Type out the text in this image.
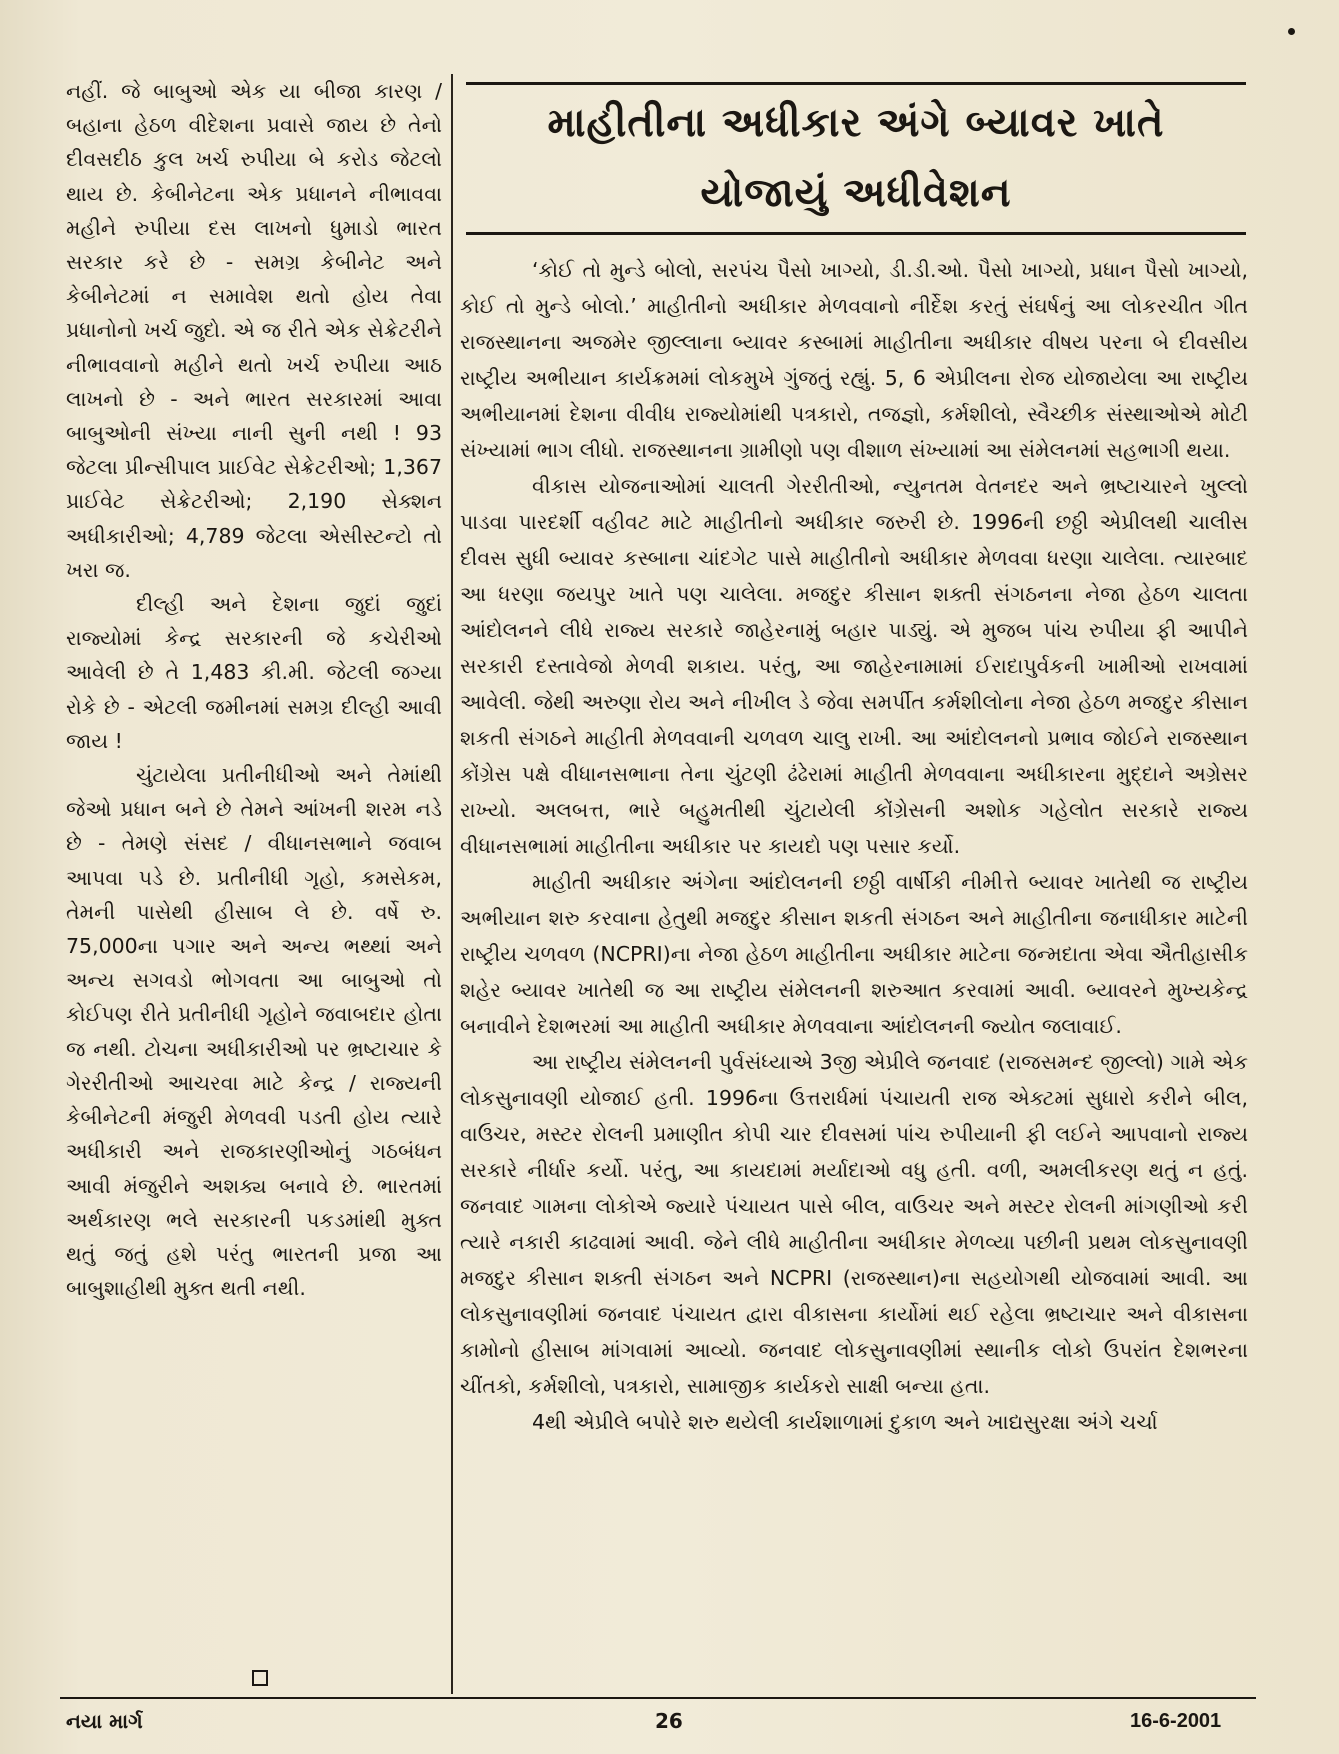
નહીં. જે બાબુઓ એક યા બીજા કારણ / બહાના હેઠળ વીદેશના પ્રવાસે જાય છે તેનો દીવસદીઠ કુલ ખર્ચ રુપીયા બે કરોડ જેટલો થાય છે. કેબીનેટના એક પ્રધાનને નીભાવવા મહીને રુપીયા દસ લાખનો ધુમાડો ભારત સરકાર કરે છે - સમગ્ર કેબીનેટ અને કેબીનેટમાં ન સમાવેશ થતો હોય તેવા પ્રધાનોનો ખર્ચ જુદો. એ જ રીતે એક સેક્રેટરીને નીભાવવાનો મહીને થતો ખર્ચ રુપીયા આઠ લાખનો છે - અને ભારત સરકારમાં આવા બાબુઓની સંખ્યા નાની સુની નથી ! 93 જેટલા પ્રીન્સીપાલ પ્રાઈવેટ સેક્રેટરીઓ; 1,367 પ્રાઈવેટ સેક્રેટરીઓ; 2,190 સેક્શન અધીકારીઓ; 4,789 જેટલા એસીસ્ટન્ટો તો ખરા જ.

દીલ્હી અને દેશના જુદાં જુદાં રાજ્યોમાં કેન્દ્ર સરકારની જે કચેરીઓ આવેલી છે તે 1,483 કી.મી. જેટલી જગ્યા રોકે છે - એટલી જમીનમાં સમગ્ર દીલ્હી આવી જાય !

ચુંટાયેલા પ્રતીનીધીઓ અને તેમાંથી જેઓ પ્રધાન બને છે તેમને આંખની શરમ નડે છે - તેમણે સંસદ / વીધાનસભાને જવાબ આપવા પડે છે. પ્રતીનીધી ગૃહો, કમસેકમ, તેમની પાસેથી હીસાબ લે છે. વર્ષે રુ. 75,000ના પગાર અને અન્ય ભથ્થાં અને અન્ય સગવડો ભોગવતા આ બાબુઓ તો કોઈપણ રીતે પ્રતીનીધી ગૃહોને જવાબદાર હોતા જ નથી. ટોચના અધીકારીઓ પર ભ્રષ્ટાચાર કે ગેરરીતીઓ આચરવા માટે કેન્દ્ર / રાજ્યની કેબીનેટની મંજુરી મેળવવી પડતી હોય ત્યારે અધીકારી અને રાજકારણીઓનું ગઠબંધન આવી મંજુરીને અશક્ય બનાવે છે. ભારતમાં અર્થકારણ ભલે સરકારની પકડમાંથી મુક્ત થતું જતું હશે પરંતુ ભારતની પ્રજા આ બાબુશાહીથી મુક્ત થતી નથી.

માહીતીના અધીકાર અંગે બ્યાવર ખાતે
યોજાયું અધીવેશન

‘કોઈ તો મુન્ડે બોલો, સરપંચ પૈસો ખાગ્યો, ડી.ડી.ઓ. પૈસો ખાગ્યો, પ્રધાન પૈસો ખાગ્યો, કોઈ તો મુન્ડે બોલો.’ માહીતીનો અધીકાર મેળવવાનો નીર્દેશ કરતું સંઘર્ષનું આ લોકરચીત ગીત રાજસ્થાનના અજમેર જીલ્લાના બ્યાવર કસ્બામાં માહીતીના અધીકાર વીષય પરના બે દીવસીય રાષ્ટ્રીય અભીયાન કાર્યક્રમમાં લોકમુખે ગુંજતું રહ્યું. 5, 6 એપ્રીલના રોજ યોજાયેલા આ રાષ્ટ્રીય અભીયાનમાં દેશના વીવીધ રાજ્યોમાંથી પત્રકારો, તજજ્ઞો, કર્મશીલો, સ્વૈચ્છીક સંસ્થાઓએ મોટી સંખ્યામાં ભાગ લીધો. રાજસ્થાનના ગ્રામીણો પણ વીશાળ સંખ્યામાં આ સંમેલનમાં સહભાગી થયા.

વીકાસ યોજનાઓમાં ચાલતી ગેરરીતીઓ, ન્યુનતમ વેતનદર અને ભ્રષ્ટાચારને ખુલ્લો પાડવા પારદર્શી વહીવટ માટે માહીતીનો અધીકાર જરુરી છે. 1996ની છઠ્ઠી એપ્રીલથી ચાલીસ દીવસ સુધી બ્યાવર કસ્બાના ચાંદગેટ પાસે માહીતીનો અધીકાર મેળવવા ધરણા ચાલેલા. ત્યારબાદ આ ધરણા જયપુર ખાતે પણ ચાલેલા. મજદુર કીસાન શક્તી સંગઠનના નેજા હેઠળ ચાલતા આંદોલનને લીધે રાજ્ય સરકારે જાહેરનામું બહાર પાડ્યું. એ મુજબ પાંચ રુપીયા ફી આપીને સરકારી દસ્તાવેજો મેળવી શકાય. પરંતુ, આ જાહેરનામામાં ઈરાદાપુર્વકની ખામીઓ રાખવામાં આવેલી. જેથી અરુણા રોય અને નીખીલ ડે જેવા સમર્પીત કર્મશીલોના નેજા હેઠળ મજદુર કીસાન શકતી સંગઠને માહીતી મેળવવાની ચળવળ ચાલુ રાખી. આ આંદોલનનો પ્રભાવ જોઈને રાજસ્થાન કોંગ્રેસ પક્ષે વીધાનસભાના તેના ચુંટણી ઢંઢેરામાં માહીતી મેળવવાના અધીકારના મુદ્દાને અગ્રેસર રાખ્યો. અલબત્ત, ભારે બહુમતીથી ચુંટાયેલી કોંગ્રેસની અશોક ગહેલોત સરકારે રાજ્ય વીધાનસભામાં માહીતીના અધીકાર પર કાયદો પણ પસાર કર્યો.

માહીતી અધીકાર અંગેના આંદોલનની છઠ્ઠી વાર્ષીકી નીમીત્તે બ્યાવર ખાતેથી જ રાષ્ટ્રીય અભીયાન શરુ કરવાના હેતુથી મજદુર કીસાન શકતી સંગઠન અને માહીતીના જનાધીકાર માટેની રાષ્ટ્રીય ચળવળ (NCPRI)ના નેજા હેઠળ માહીતીના અધીકાર માટેના જન્મદાતા એવા ઐતીહાસીક શહેર બ્યાવર ખાતેથી જ આ રાષ્ટ્રીય સંમેલનની શરુઆત કરવામાં આવી. બ્યાવરને મુખ્યકેન્દ્ર બનાવીને દેશભરમાં આ માહીતી અધીકાર મેળવવાના આંદોલનની જ્યોત જલાવાઈ.

આ રાષ્ટ્રીય સંમેલનની પુર્વસંધ્યાએ 3જી એપ્રીલે જનવાદ (રાજસમન્દ જીલ્લો) ગામે એક લોકસુનાવણી યોજાઈ હતી. 1996ના ઉત્તરાર્ધમાં પંચાયતી રાજ એક્ટમાં સુધારો કરીને બીલ, વાઉચર, મસ્ટર રોલની પ્રમાણીત કોપી ચાર દીવસમાં પાંચ રુપીયાની ફી લઈને આપવાનો રાજ્ય સરકારે નીર્ધાર કર્યો. પરંતુ, આ કાયદામાં મર્યાદાઓ વધુ હતી. વળી, અમલીકરણ થતું ન હતું. જનવાદ ગામના લોકોએ જ્યારે પંચાયત પાસે બીલ, વાઉચર અને મસ્ટર રોલની માંગણીઓ કરી ત્યારે નકારી કાઢવામાં આવી. જેને લીધે માહીતીના અધીકાર મેળવ્યા પછીની પ્રથમ લોકસુનાવણી મજદુર કીસાન શક્તી સંગઠન અને NCPRI (રાજસ્થાન)ના સહયોગથી યોજવામાં આવી. આ લોકસુનાવણીમાં જનવાદ પંચાયત દ્વારા વીકાસના કાર્યોમાં થઈ રહેલા ભ્રષ્ટાચાર અને વીકાસના કામોનો હીસાબ માંગવામાં આવ્યો. જનવાદ લોકસુનાવણીમાં સ્થાનીક લોકો ઉપરાંત દેશભરના ચીંતકો, કર્મશીલો, પત્રકારો, સામાજીક કાર્યકરો સાક્ષી બન્યા હતા.

4થી એપ્રીલે બપોરે શરુ થયેલી કાર્યશાળામાં દુકાળ અને ખાદ્યસુરક્ષા અંગે ચર્ચા

નયા માર્ગ	26	16-6-2001
